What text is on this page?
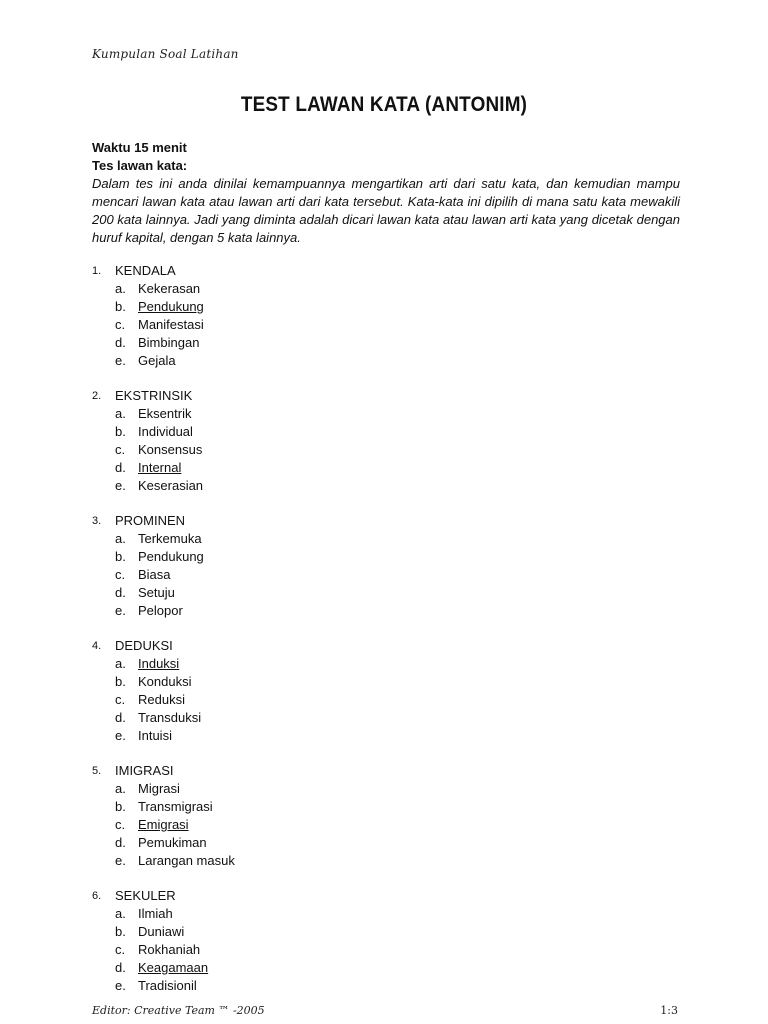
Kumpulan Soal Latihan
TEST LAWAN KATA (ANTONIM)
Waktu 15 menit
Tes lawan kata:
Dalam tes ini anda dinilai kemampuannya mengartikan arti dari satu kata, dan kemudian mampu mencari lawan kata atau lawan arti dari kata tersebut. Kata-kata ini dipilih di mana satu kata mewakili 200 kata lainnya. Jadi yang diminta adalah dicari lawan kata atau lawan arti kata yang dicetak dengan huruf kapital, dengan 5 kata lainnya.
1.	KENDALA
a. Kekerasan
b. Pendukung
c. Manifestasi
d. Bimbingan
e. Gejala
2.	EKSTRINSIK
a. Eksentrik
b. Individual
c. Konsensus
d. Internal
e. Keserasian
3.	PROMINEN
a. Terkemuka
b. Pendukung
c. Biasa
d. Setuju
e. Pelopor
4.	DEDUKSI
a. Induksi
b. Konduksi
c. Reduksi
d. Transduksi
e. Intuisi
5.	IMIGRASI
a. Migrasi
b. Transmigrasi
c. Emigrasi
d. Pemukiman
e. Larangan masuk
6.	SEKULER
a. Ilmiah
b. Duniawi
c. Rokhaniah
d. Keagamaan
e. Tradisionil
Editor: Creative Team ™ -2005	1:3
